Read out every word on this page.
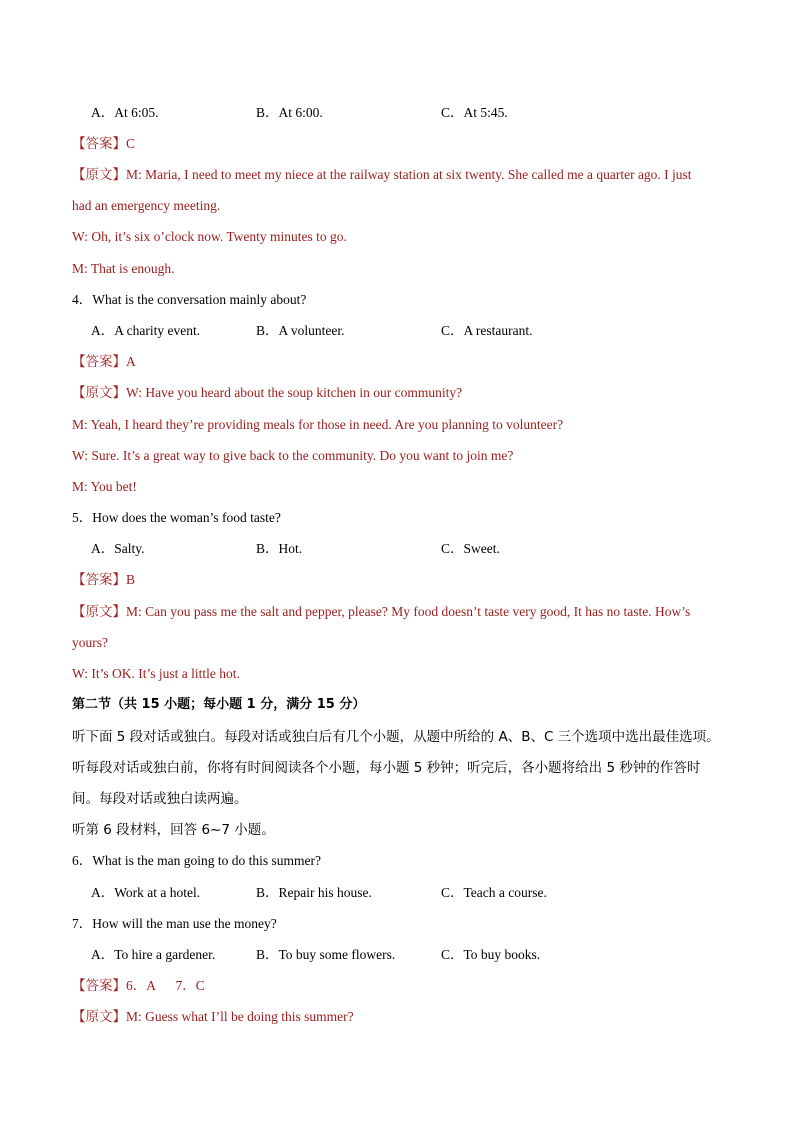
A．At 6:05.	B．At 6:00.	C．At 5:45.
【答案】C
【原文】M: Maria, I need to meet my niece at the railway station at six twenty. She called me a quarter ago. I just
had an emergency meeting.
W: Oh, it’s six o’clock now. Twenty minutes to go.
M: That is enough.
4．What is the conversation mainly about?
A．A charity event.	B．A volunteer.	C．A restaurant.
【答案】A
【原文】W: Have you heard about the soup kitchen in our community?
M: Yeah, I heard they’re providing meals for those in need. Are you planning to volunteer?
W: Sure. It’s a great way to give back to the community. Do you want to join me?
M: You bet!
5．How does the woman’s food taste?
A．Salty.	B．Hot.	C．Sweet.
【答案】B
【原文】M: Can you pass me the salt and pepper, please? My food doesn’t taste very good, It has no taste. How’s
yours?
W: It’s OK. It’s just a little hot.
第二节（共 15 小题；每小题 1 分，满分 15 分）
听下面 5 段对话或独白。每段对话或独白后有几个小题，从题中所给的 A、B、C 三个选项中选出最佳选项。
听每段对话或独白前，你将有时间阅读各个小题，每小题 5 秒钟；听完后，各小题将给出 5 秒钟的作答时
间。每段对话或独白读两遍。
听第 6 段材料，回答 6~7 小题。
6．What is the man going to do this summer?
A．Work at a hotel.	B．Repair his house.	C．Teach a course.
7．How will the man use the money?
A．To hire a gardener.	B．To buy some flowers.	C．To buy books.
【答案】6．A      7．C
【原文】M: Guess what I’ll be doing this summer?
